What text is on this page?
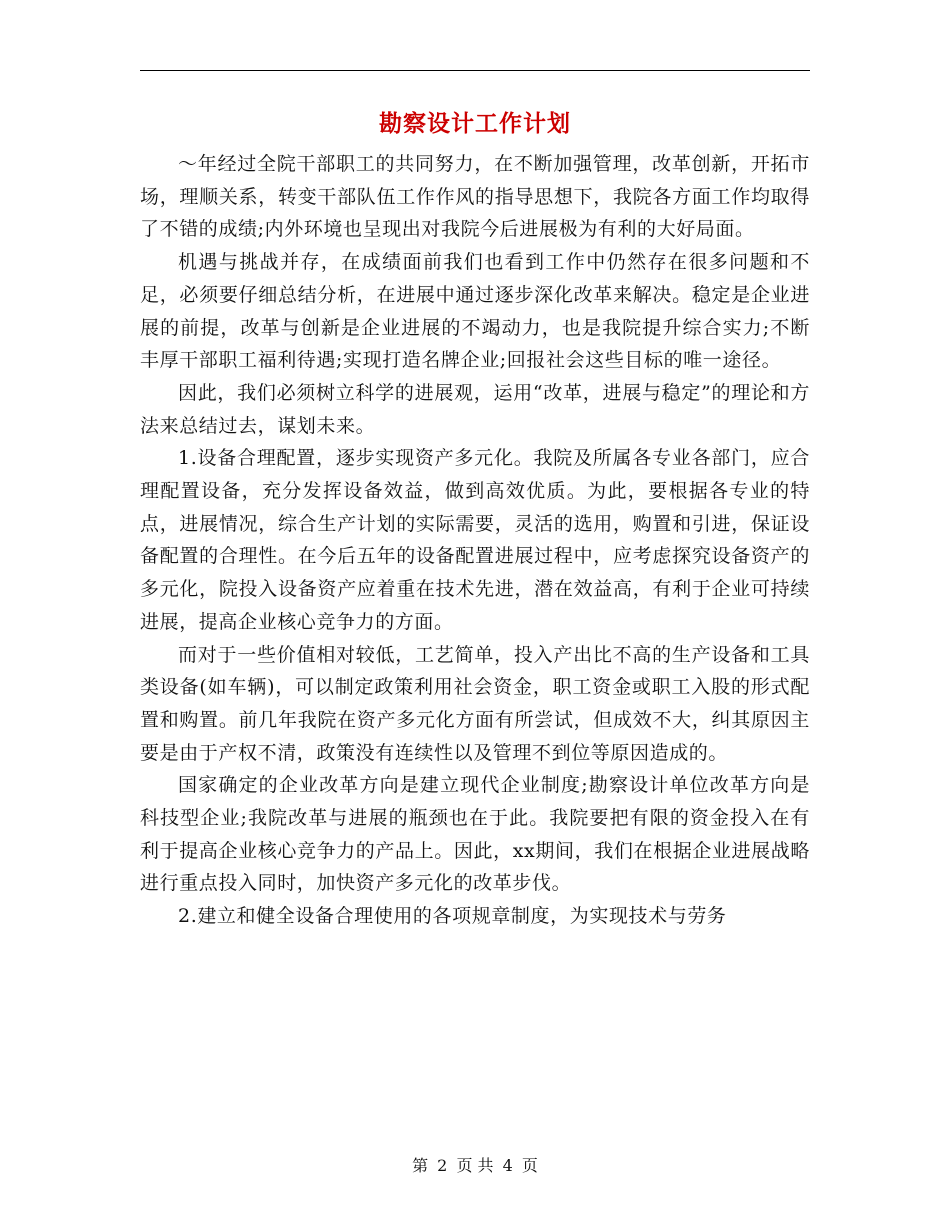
勘察设计工作计划

～年经过全院干部职工的共同努力，在不断加强管理，改革创新，开拓市场，理顺关系，转变干部队伍工作作风的指导思想下，我院各方面工作均取得了不错的成绩;内外环境也呈现出对我院今后进展极为有利的大好局面。

机遇与挑战并存，在成绩面前我们也看到工作中仍然存在很多问题和不足，必须要仔细总结分析，在进展中通过逐步深化改革来解决。稳定是企业进展的前提，改革与创新是企业进展的不竭动力，也是我院提升综合实力;不断丰厚干部职工福利待遇;实现打造名牌企业;回报社会这些目标的唯一途径。

因此，我们必须树立科学的进展观，运用“改革，进展与稳定”的理论和方法来总结过去，谋划未来。

1.设备合理配置，逐步实现资产多元化。我院及所属各专业各部门，应合理配置设备，充分发挥设备效益，做到高效优质。为此，要根据各专业的特点，进展情况，综合生产计划的实际需要，灵活的选用，购置和引进，保证设备配置的合理性。在今后五年的设备配置进展过程中，应考虑探究设备资产的多元化，院投入设备资产应着重在技术先进，潜在效益高，有利于企业可持续进展，提高企业核心竞争力的方面。

而对于一些价值相对较低，工艺简单，投入产出比不高的生产设备和工具类设备(如车辆)，可以制定政策利用社会资金，职工资金或职工入股的形式配置和购置。前几年我院在资产多元化方面有所尝试，但成效不大，纠其原因主要是由于产权不清，政策没有连续性以及管理不到位等原因造成的。

国家确定的企业改革方向是建立现代企业制度;勘察设计单位改革方向是科技型企业;我院改革与进展的瓶颈也在于此。我院要把有限的资金投入在有利于提高企业核心竞争力的产品上。因此，xx期间，我们在根据企业进展战略进行重点投入同时，加快资产多元化的改革步伐。

2.建立和健全设备合理使用的各项规章制度，为实现技术与劳务

第 2 页 共 4 页
